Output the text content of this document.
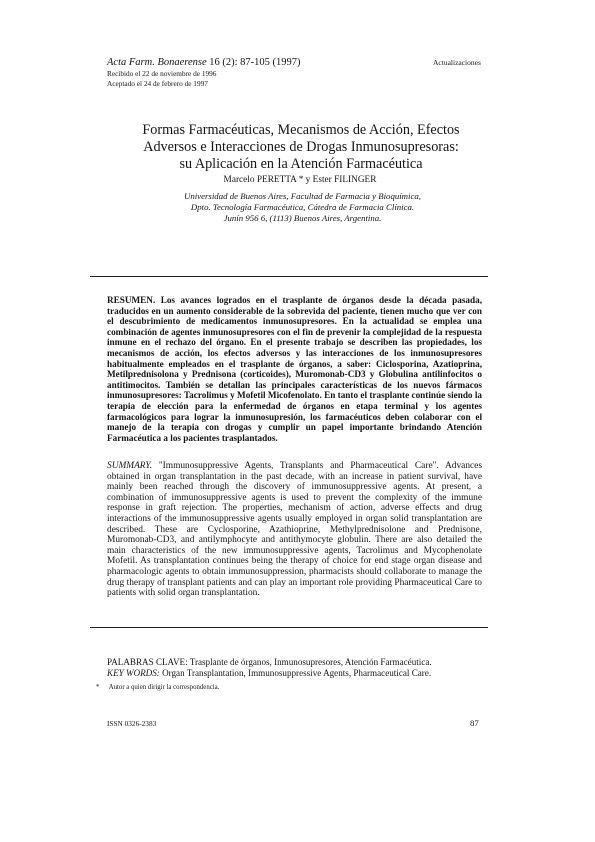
Acta Farm. Bonaerense 16 (2): 87-105 (1997)	Actualizaciones
Recibido el 22 de noviembre de 1996
Aceptado el 24 de febrero de 1997
Formas Farmacéuticas, Mecanismos de Acción, Efectos
Adversos e Interacciones de Drogas Inmunosupresoras:
su Aplicación en la Atención Farmacéutica
Marcelo PERETTA * y Ester FILINGER
Universidad de Buenos Aires, Facultad de Farmacia y Bioquímica,
Dpto. Tecnología Farmacéutica, Cátedra de Farmacia Clínica.
Junín 956 6, (1113) Buenos Aires, Argentina.
RESUMEN. Los avances logrados en el trasplante de órganos desde la década pasada, traducidos en un aumento considerable de la sobrevida del paciente, tienen mucho que ver con el descubrimiento de medicamentos inmunosupresores. En la actualidad se emplea una combinación de agentes inmunosupresores con el fin de prevenir la complejidad de la respuesta inmune en el rechazo del órgano. En el presente trabajo se describen las propiedades, los mecanismos de acción, los efectos adversos y las interacciones de los inmunosupresores habitualmente empleados en el trasplante de órganos, a saber: Ciclosporina, Azatioprina, Metilprednisolona y Prednisona (corticoides), Muromonab-CD3 y Globulina antilinfocitos o antitimocitos. También se detallan las principales características de los nuevos fármacos inmunosupresores: Tacrolimus y Mofetil Micofenolato. En tanto el trasplante continúe siendo la terapia de elección para la enfermedad de órganos en etapa terminal y los agentes farmacológicos para lograr la inmunosupresión, los farmacéuticos deben colaborar con el manejo de la terapia con drogas y cumplir un papel importante brindando Atención Farmacéutica a los pacientes trasplantados.
SUMMARY. "Immunosuppressive Agents, Transplants and Pharmaceutical Care". Advances obtained in organ transplantation in the past decade, with an increase in patient survival, have mainly been reached through the discovery of immunosuppressive agents. At present, a combination of immunosuppressive agents is used to prevent the complexity of the immune response in graft rejection. The properties, mechanism of action, adverse effects and drug interactions of the immunosuppressive agents usually employed in organ solid transplantation are described. These are Cyclosporine, Azathioprine, Methylprednisolone and Prednisone, Muromonab-CD3, and antilymphocyte and antithymocyte globulin. There are also detailed the main characteristics of the new immunosuppressive agents, Tacrolimus and Mycophenolate Mofetil. As transplantation continues being the therapy of choice for end stage organ disease and pharmacologic agents to obtain immunosuppression, pharmacists should collaborate to manage the drug therapy of transplant patients and can play an important role providing Pharmaceutical Care to patients with solid organ transplantation.
PALABRAS CLAVE: Trasplante de órganos, Inmunosupresores, Atención Farmacéutica.
KEY WORDS: Organ Transplantation, Immunosuppressive Agents, Pharmaceutical Care.
* Autor a quien dirigir la correspondencia.
ISSN 0326-2383	87
